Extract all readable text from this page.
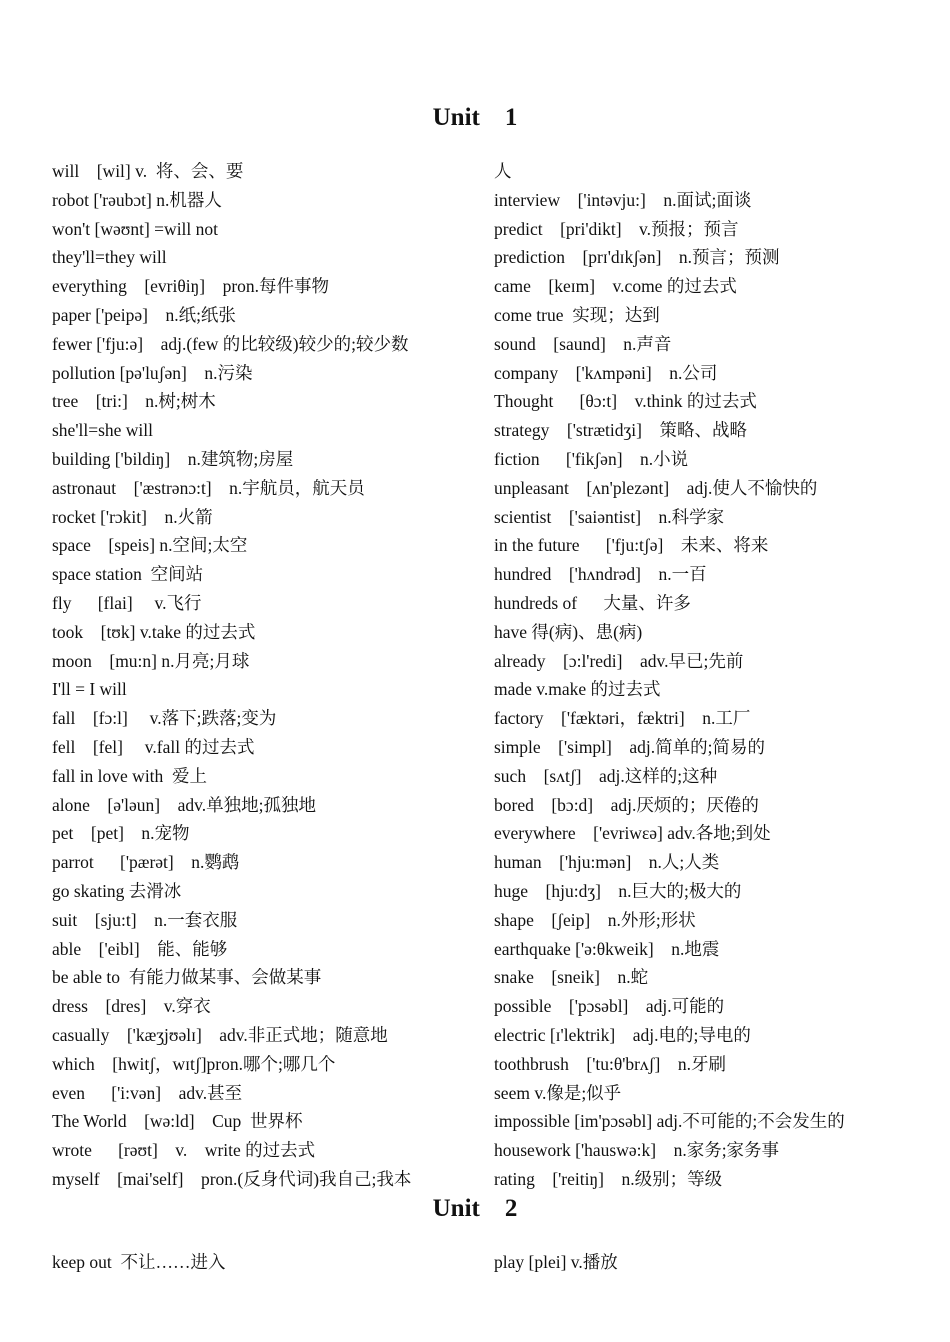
Unit    1
will    [wil] v.  将、会、要
robot ['rəubɔt] n.机器人
won't [wəʊnt] =will not
they'll=they will
everything    [evriθiŋ]    pron.每件事物
paper ['peipə]    n.纸;纸张
fewer ['fju:ə]    adj.(few 的比较级)较少的;较少数
pollution [pə'luʃən]    n.污染
tree    [tri:]    n.树;树木
she'll=she will
building ['bildiŋ]    n.建筑物;房屋
astronaut    ['æstrənɔ:t]    n.宇航员，航天员
rocket ['rɔkit]    n.火箭
space    [speis] n.空间;太空
space station  空间站
fly      [flai]     v.飞行
took    [tʊk] v.take 的过去式
moon    [mu:n] n.月亮;月球
I'll = I will
fall    [fɔ:l]     v.落下;跌落;变为
fell    [fel]     v.fall 的过去式
fall in love with  爱上
alone    [ə'ləun]    adv.单独地;孤独地
pet    [pet]    n.宠物
parrot      ['pærət]    n.鹦鹉
go skating 去滑冰
suit    [sju:t]    n.一套衣服
able    ['eibl]    能、能够
be able to  有能力做某事、会做某事
dress    [dres]    v.穿衣
casually    ['kæʒjʊəlɪ]    adv.非正式地；随意地
which    [hwitʃ，wɪtʃ]pron.哪个;哪几个
even      ['i:vən]    adv.甚至
The World    [wə:ld]    Cup  世界杯
wrote      [rəʊt]    v.    write 的过去式
myself    [mai'self]    pron.(反身代词)我自己;我本
人
interview    ['intəvju:]    n.面试;面谈
predict    [pri'dikt]    v.预报；预言
prediction    [prɪ'dɪkʃən]    n.预言；预测
came    [keɪm]    v.come 的过去式
come true  实现；达到
sound    [saund]    n.声音
company    ['kʌmpəni]    n.公司
Thought      [θɔ:t]    v.think 的过去式
strategy    ['strætidʒi]    策略、战略
fiction      ['fikʃən]    n.小说
unpleasant    [ʌn'plezənt]    adj.使人不愉快的
scientist    ['saiəntist]    n.科学家
in the future      ['fju:tʃə]    未来、将来
hundred    ['hʌndrəd]    n.一百
hundreds of      大量、许多
have 得(病)、患(病)
already    [ɔ:l'redi]    adv.早已;先前
made v.make 的过去式
factory    ['fæktəri，fæktri]    n.工厂
simple    ['simpl]    adj.简单的;简易的
such    [sʌtʃ]    adj.这样的;这种
bored    [bɔ:d]    adj.厌烦的；厌倦的
everywhere    ['evriwɛə] adv.各地;到处
human    ['hju:mən]    n.人;人类
huge    [hju:dʒ]    n.巨大的;极大的
shape    [ʃeip]    n.外形;形状
earthquake ['ə:θkweik]    n.地震
snake    [sneik]    n.蛇
possible    ['pɔsəbl]    adj.可能的
electric [ɪ'lektrik]    adj.电的;导电的
toothbrush    ['tu:θ'brʌʃ]    n.牙刷
seem v.像是;似乎
impossible [im'pɔsəbl] adj.不可能的;不会发生的
housework ['hauswə:k]    n.家务;家务事
rating    ['reitiŋ]    n.级别；等级
Unit    2
keep out  不让……进入	play [plei] v.播放
